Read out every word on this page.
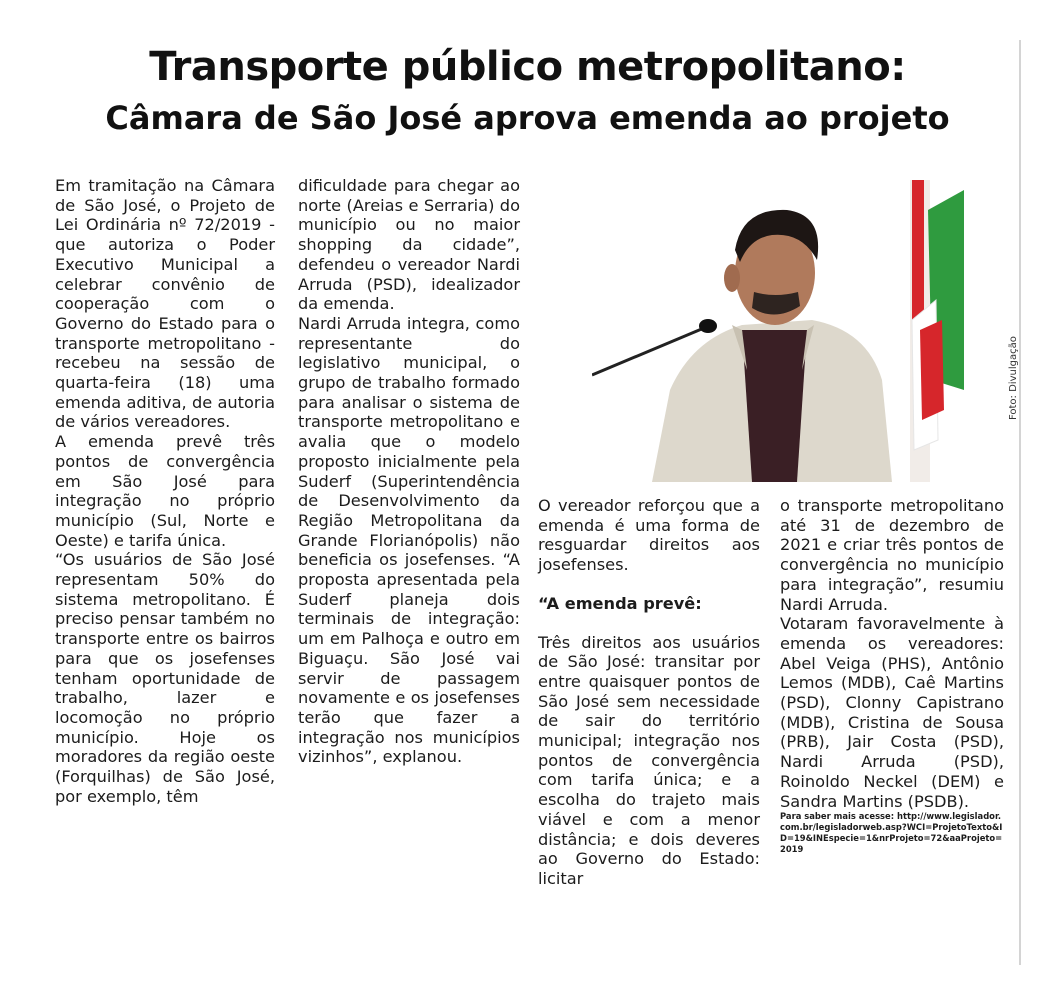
Transporte público metropolitano:
Câmara de São José aprova emenda ao projeto

Em tramitação na Câmara de São José, o Projeto de Lei Ordinária nº 72/2019 - que autoriza o Poder Executivo Municipal a celebrar convênio de cooperação com o Governo do Estado para o transporte metropolitano - recebeu na sessão de quarta-feira (18) uma emenda aditiva, de autoria de vários vereadores.

A emenda prevê três pontos de convergência em São José para integração no próprio município (Sul, Norte e Oeste) e tarifa única.

“Os usuários de São José representam 50% do sistema metropolitano. É preciso pensar também no transporte entre os bairros para que os josefenses tenham oportunidade de trabalho, lazer e locomoção no próprio município. Hoje os moradores da região oeste (Forquilhas) de São José, por exemplo, têm

dificuldade para chegar ao norte (Areias e Serraria) do município ou no maior shopping da cidade”, defendeu o vereador Nardi Arruda (PSD), idealizador da emenda.

Nardi Arruda integra, como representante do legislativo municipal, o grupo de trabalho formado para analisar o sistema de transporte metropolitano e avalia que o modelo proposto inicialmente pela Suderf (Superintendência de Desenvolvimento da Região Metropolitana da Grande Florianópolis) não beneficia os josefenses. “A proposta apresentada pela Suderf planeja dois terminais de integração: um em Palhoça e outro em Biguaçu. São José vai servir de passagem novamente e os josefenses terão que fazer a integração nos municípios vizinhos”, explanou.

Foto: Divulgação

O vereador reforçou que a emenda é uma forma de resguardar direitos aos josefenses.

“A emenda prevê:

Três direitos aos usuários de São José: transitar por entre quaisquer pontos de São José sem necessidade de sair do território municipal; integração nos pontos de convergência com tarifa única; e a escolha do trajeto mais viável e com a menor distância; e dois deveres ao Governo do Estado: licitar

o transporte metropolitano até 31 de dezembro de 2021 e criar três pontos de convergência no município para integração”, resumiu Nardi Arruda.

Votaram favoravelmente à emenda os vereadores: Abel Veiga (PHS), Antônio Lemos (MDB), Caê Martins (PSD), Clonny Capistrano (MDB), Cristina de Sousa (PRB), Jair Costa (PSD), Nardi Arruda (PSD), Roinoldo Neckel (DEM) e Sandra Martins (PSDB).

Para saber mais acesse: http://www.legislador.com.br/legisladorweb.asp?WCI=ProjetoTexto&ID=19&INEspecie=1&nrProjeto=72&aaProjeto=2019
